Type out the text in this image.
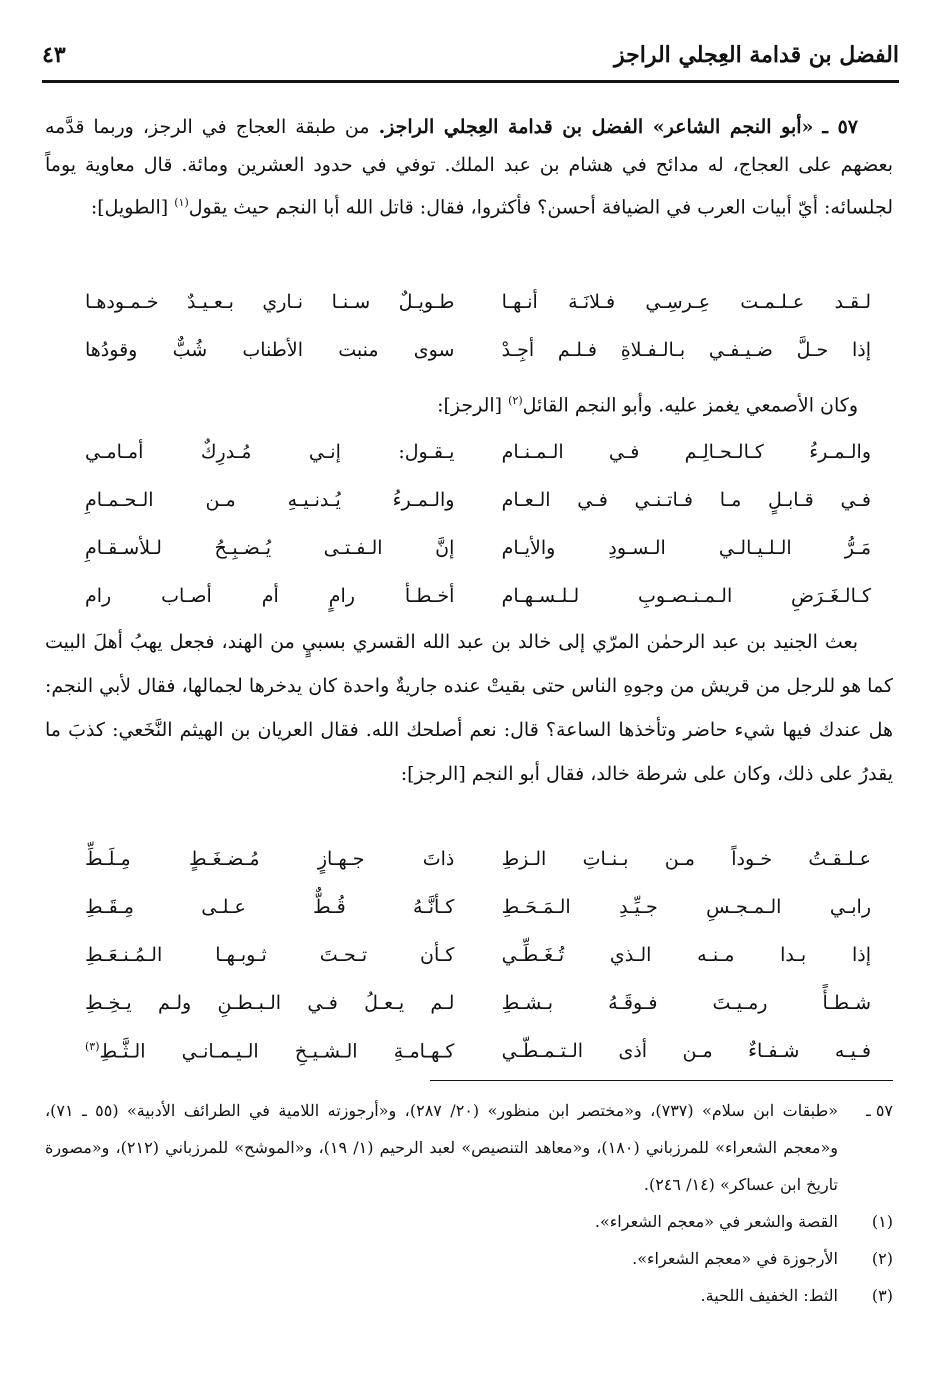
الفضل بن قدامة العِجلي الراجز
٤٣
٥٧ ـ «أبو النجم الشاعر» الفضل بن قدامة العِجلي الراجز. من طبقة العجاج في الرجز، وربما قدَّمه بعضهم على العجاج، له مدائح في هشام بن عبد الملك. توفي في حدود العشرين ومائة. قال معاوية يوماً لجلسائه: أيّ أبيات العرب في الضيافة أحسن؟ فأكثروا، فقال: قاتل الله أبا النجم حيث يقول$^{(١)}$ [الطويل]:
لـقـد عـلـمـت عِـرسِـي فـلانَـة أنـهـا
طـويـلٌ سـنـا نـاري بـعـيـدٌ خـمـودهـا
إذا حـلَّ ضـيـفـي بـالـفـلاةِ فـلـم أجِـدْ
سوى منبت الأطناب شُبٌّ وقودُها
وكان الأصمعي يغمز عليه. وأبو النجم القائل$^{(٢)}$ [الرجز]:
والـمـرءُ كـالـحـالِـم فـي الـمـنـام
يـقـول: إنـي مُـدرِكٌ أمـامـي
فـي قـابـلٍ مـا فـاتـنـي فـي الـعـام
والـمـرءُ يُـدنـيـهِ مـن الـحـمـامِ
مَـرُّ الـلـيـالـي الـسـودِ والأيـام
إنَّ الـفـتـى يُـضـبِـحُ لـلأسـقـامِ
كـالـغَـرَضِ الـمـنـصـوبِ لـلـسـهـام
أخـطـأ رامٍ أم أصـاب رام
بعث الجنيد بن عبد الرحمٰن المرّي إلى خالد بن عبد الله القسري بسبيٍ من الهند، فجعل يهبُ أهلَ البيت كما هو للرجل من قريش من وجوهِ الناس حتى بقيتْ عنده جاريةٌ واحدة كان يدخرها لجمالها، فقال لأبي النجم: هل عندك فيها شيء حاضر وتأخذها الساعة؟ قال: نعم أصلحك الله. فقال العريان بن الهيثم النَّخَعي: كذبَ ما يقدرُ على ذلك، وكان على شرطة خالد، فقال أبو النجم [الرجز]:
عـلـقـتُ خـوداً مـن بـنـاتِ الـزطِ
ذاتَ جـهـازٍ مُـضـغَـطٍ مِـلَـطِّ
رابـي الـمـجـسِ جـيِّـدِ الـمَـحَـطِ
كـأنَّـهُ قُـطٌّ عـلـى مِـقَـطِ
إذا بـدا مـنـه الـذي تُـغَـطِّـي
كـأن تـحـتَ ثـوبـهـا الـمُـنـعَـطِ
شـطـأً رمـيـتَ فـوقَـهُ بـشـطِ
لـم يـعـلُ فـي الـبـطـنِ ولـم يـخِـطِ
فـيـه شـفـاءٌ مـن أذى الـتـمـطّـي
كـهـامـةِ الـشـيـخِ الـيـمـانـي الـثَّـطِ$^{(٣)}$
٥٧ ـ
«طبقات ابن سلام» (٧٣٧)، و«مختصر ابن منظور» (٢٠/ ٢٨٧)، و«أرجوزته اللامية في الطرائف الأدبية» (٥٥ ـ ٧١)، و«معجم الشعراء» للمرزباني (١٨٠)، و«معاهد التنصيص» لعبد الرحيم (١/ ١٩)، و«الموشح» للمرزباني (٢١٢)، و«مصورة تاريخ ابن عساكر» (١٤/ ٢٤٦).
(١)
القصة والشعر في «معجم الشعراء».
(٢)
الأرجوزة في «معجم الشعراء».
(٣)
الثط: الخفيف اللحية.
